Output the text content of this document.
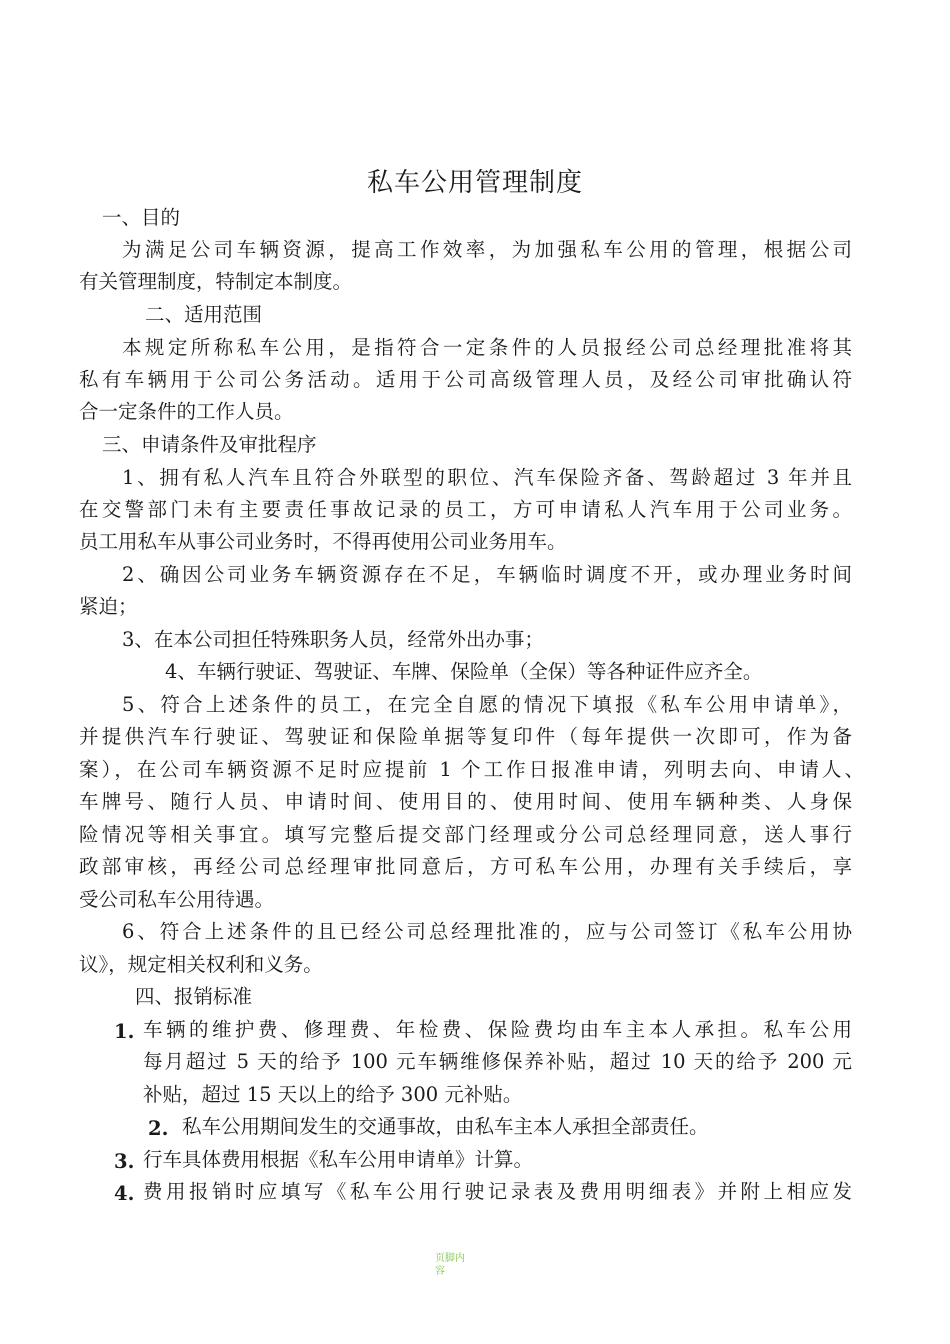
私车公用管理制度
一、目的
为满足公司车辆资源，提高工作效率，为加强私车公用的管理，根据公司
有关管理制度，特制定本制度。
二、适用范围
本规定所称私车公用，是指符合一定条件的人员报经公司总经理批准将其
私有车辆用于公司公务活动。适用于公司高级管理人员，及经公司审批确认符
合一定条件的工作人员。
三、申请条件及审批程序
1、拥有私人汽车且符合外联型的职位、汽车保险齐备、驾龄超过 3 年并且
在交警部门未有主要责任事故记录的员工，方可申请私人汽车用于公司业务。
员工用私车从事公司业务时，不得再使用公司业务用车。
2、确因公司业务车辆资源存在不足，车辆临时调度不开，或办理业务时间
紧迫；
3、在本公司担任特殊职务人员，经常外出办事；
4、车辆行驶证、驾驶证、车牌、保险单（全保）等各种证件应齐全。
5、符合上述条件的员工，在完全自愿的情况下填报《私车公用申请单》，
并提供汽车行驶证、驾驶证和保险单据等复印件（每年提供一次即可，作为备
案），在公司车辆资源不足时应提前 1 个工作日报准申请，列明去向、申请人、
车牌号、随行人员、申请时间、使用目的、使用时间、使用车辆种类、人身保
险情况等相关事宜。填写完整后提交部门经理或分公司总经理同意，送人事行
政部审核，再经公司总经理审批同意后，方可私车公用，办理有关手续后，享
受公司私车公用待遇。
6、符合上述条件的且已经公司总经理批准的，应与公司签订《私车公用协
议》，规定相关权利和义务。
四、报销标准
1. 车辆的维护费、修理费、年检费、保险费均由车主本人承担。私车公用
每月超过 5 天的给予 100 元车辆维修保养补贴，超过 10 天的给予 200 元
补贴，超过 15 天以上的给予 300 元补贴。
2. 私车公用期间发生的交通事故，由私车主本人承担全部责任。
3. 行车具体费用根据《私车公用申请单》计算。
4. 费用报销时应填写《私车公用行驶记录表及费用明细表》并附上相应发
页脚内
容
